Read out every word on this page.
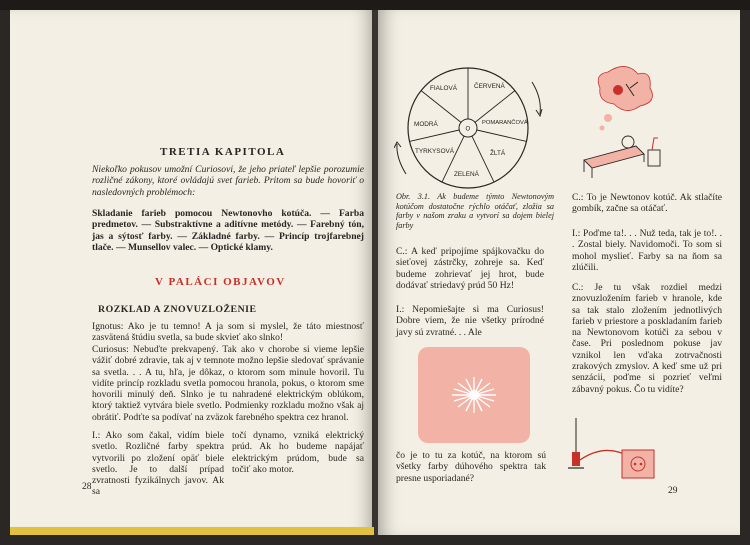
TRETIA KAPITOLA
Niekoľko pokusov umožní Curiosovi, že jeho priateľ lepšie porozumie rozličné zákony, ktoré ovládajú svet farieb. Pritom sa bude hovoriť o nasledovných problémoch:
Skladanie farieb pomocou Newtonovho kotúča. — Farba predmetov. — Substraktívne a aditívne metódy. — Farebný tón, jas a sýtosť farby. — Základné farby. — Princíp trojfarebnej tlače. — Munsellov valec. — Optické klamy.
V PALÁCI OBJAVOV
ROZKLAD A ZNOVUZLOŽENIE
Ignotus: Ako je tu temno! A ja som si myslel, že táto miestnosť zasvätená štúdiu svetla, sa bude skvieť ako slnko!
Curiosus: Nebuďte prekvapený. Tak ako v chorobe si vieme lepšie vážiť dobré zdravie, tak aj v temnote možno lepšie sledovať správanie sa svetla. . . A tu, hľa, je dôkaz, o ktorom som minule hovoril. Tu vidíte princíp rozkladu svetla pomocou hranola, pokus, o ktorom sme hovorili minulý deň. Slnko je tu nahradené elektrickým oblúkom, ktorý taktiež vytvára biele svetlo. Podmienky rozkladu možno však aj obrátiť. Podťte sa podívať na zväzok farebného spektra cez hranol.
I.: Ako som čakal, vidím biele svetlo. Rozličné farby spektra vytvorili po zložení opäť biele svetlo. Je to další prípad zvratnosti fyzikálnych javov. Ak sa
točí dynamo, vzniká elektrický prúd. Ak ho budeme napájať elektrickým prúdom, bude sa točiť ako motor.
28
FIALOVÁ	ČERVENÁ
POMARANČOVÁ
ŽLTÁ
ZELENÁ
TYRKYSOVÁ
MODRÁ
O
Obr. 3.1. Ak budeme týmto Newtonovým kotúčom dostatočne rýchlo otáčať, zložia sa farby v našom zraku a vytvorí sa dojem bielej farby
C.: A keď pripojíme spájkovačku do sieťovej zástrčky, zohreje sa. Keď budeme zohrievať jej hrot, bude dodávať striedavý prúd 50 Hz!
I.: Nepomiešajte si ma Curiosus! Dobre viem, že nie všetky prírodné javy sú zvratné. . . Ale
čo je to tu za kotúč, na ktorom sú všetky farby dúhového spektra tak presne usporiadané?
C.: To je Newtonov kotúč. Ak stlačíte gombík, začne sa otáčať.
I.: Poďme ta!. . . Nuž teda, tak je to!. . . Zostal biely. Navidomoči. To som si mohol myslieť. Farby sa na ňom sa zlúčili.
C.: Je tu však rozdiel medzi znovuzložením farieb v hranole, kde sa tak stalo zložením jednotlivých farieb v priestore a poskladaním farieb na Newtonovom kotúči za sebou v čase. Pri poslednom pokuse jav vznikol len vďaka zotrvačnosti zrakových zmyslov. A keď sme už pri senzácii, poďme si pozrieť veľmi zábavný pokus. Čo tu vidíte?
29
